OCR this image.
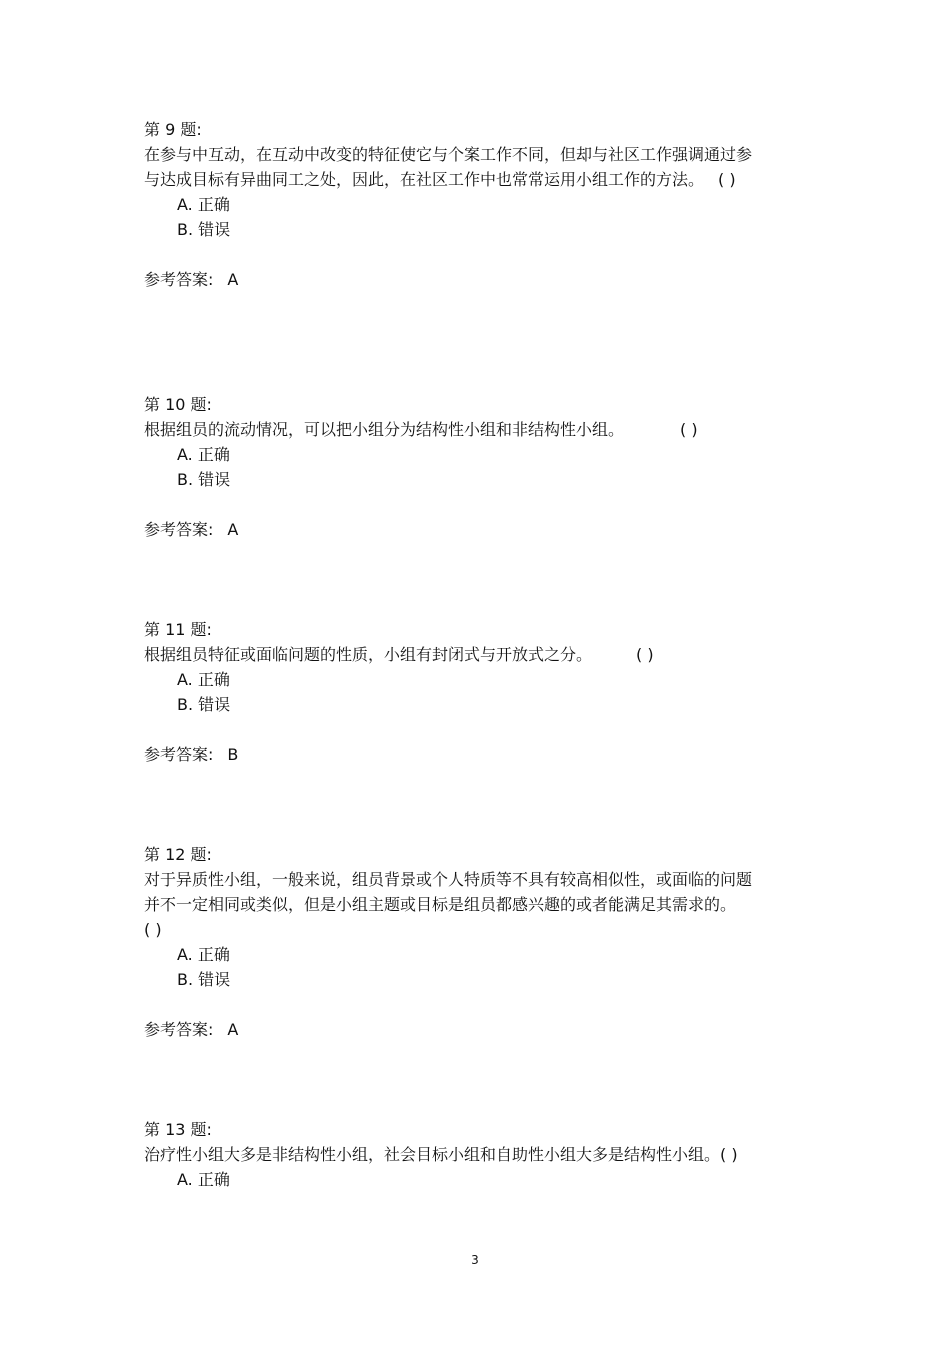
第 9 题:
在参与中互动，在互动中改变的特征使它与个案工作不同，但却与社区工作强调通过参与达成目标有异曲同工之处，因此，在社区工作中也常常运用小组工作的方法。 ( )
A. 正确
B. 错误
参考答案: A
第 10 题:
根据组员的流动情况，可以把小组分为结构性小组和非结构性小组。	( )
A. 正确
B. 错误
参考答案: A
第 11 题:
根据组员特征或面临问题的性质，小组有封闭式与开放式之分。	( )
A. 正确
B. 错误
参考答案: B
第 12 题:
对于异质性小组，一般来说，组员背景或个人特质等不具有较高相似性，或面临的问题并不一定相同或类似，但是小组主题或目标是组员都感兴趣的或者能满足其需求的。( )
A. 正确
B. 错误
参考答案: A
第 13 题:
治疗性小组大多是非结构性小组，社会目标小组和自助性小组大多是结构性小组。( )
A. 正确
3
